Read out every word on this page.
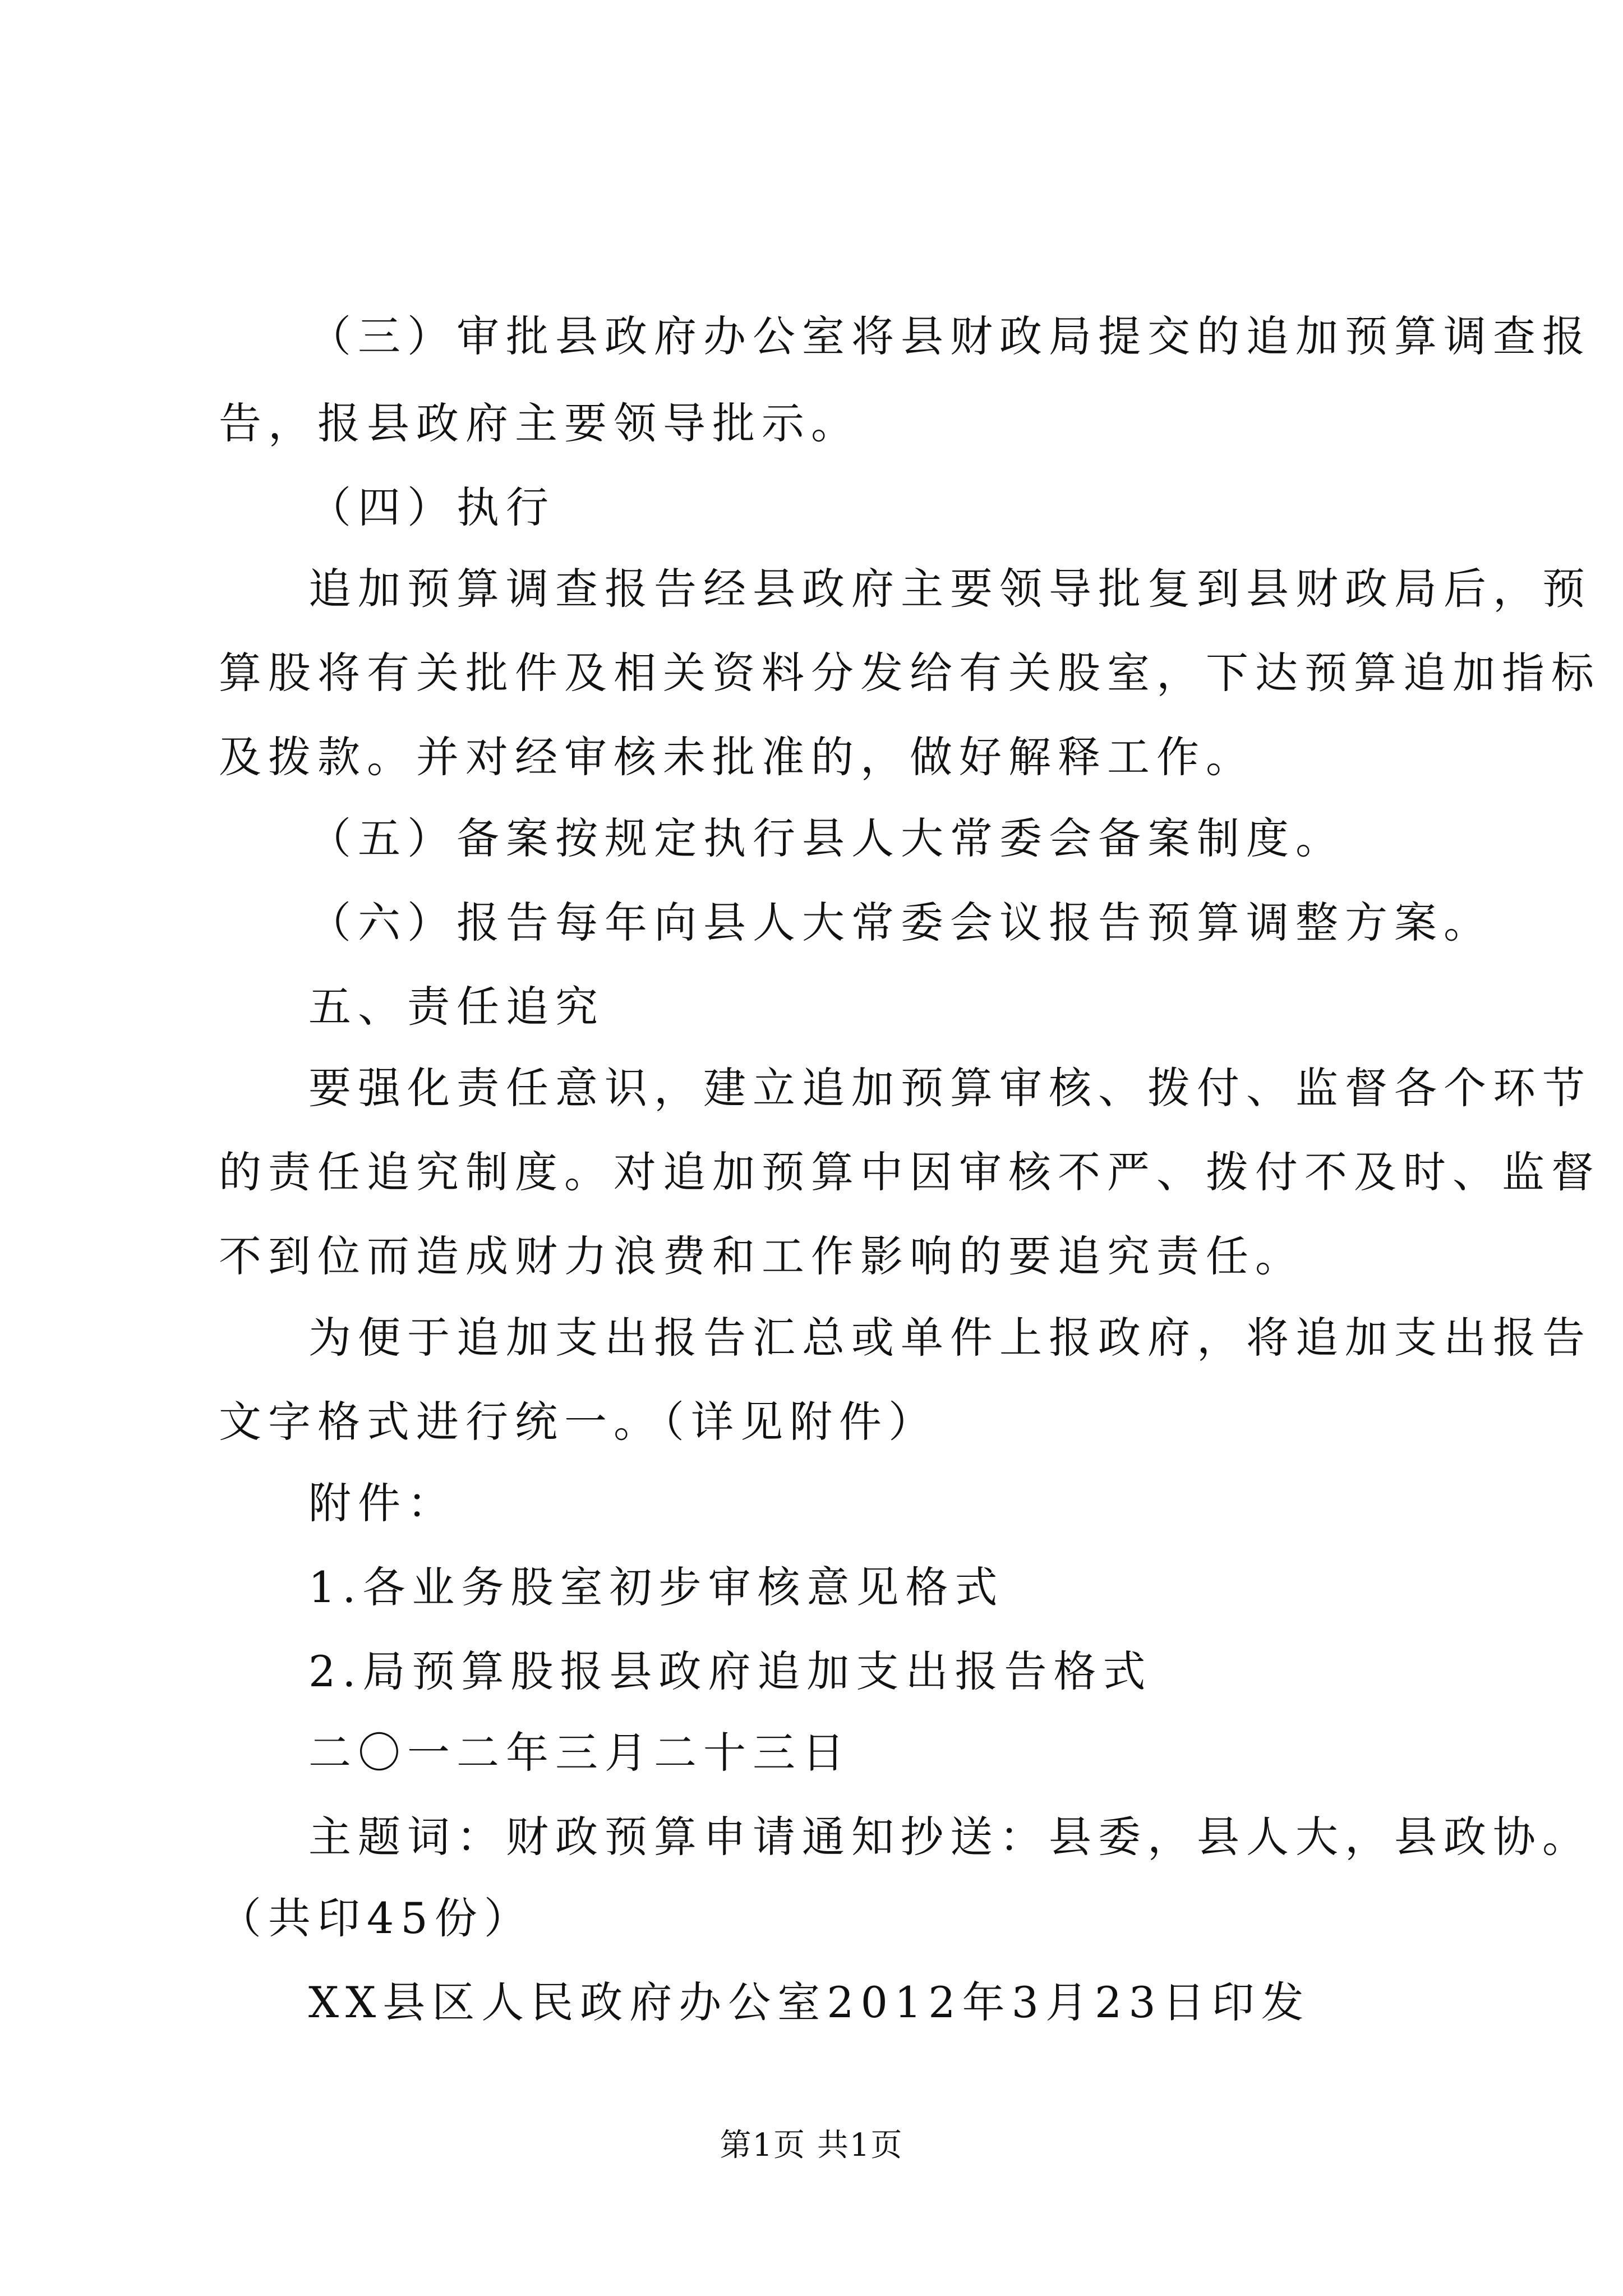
（三）审批县政府办公室将县财政局提交的追加预算调查报
告，报县政府主要领导批示。
（四）执行
追加预算调查报告经县政府主要领导批复到县财政局后，预
算股将有关批件及相关资料分发给有关股室，下达预算追加指标
及拨款。并对经审核未批准的，做好解释工作。
（五）备案按规定执行县人大常委会备案制度。
（六）报告每年向县人大常委会议报告预算调整方案。
五、责任追究
要强化责任意识，建立追加预算审核、拨付、监督各个环节
的责任追究制度。对追加预算中因审核不严、拨付不及时、监督
不到位而造成财力浪费和工作影响的要追究责任。
为便于追加支出报告汇总或单件上报政府，将追加支出报告
文字格式进行统一。（详见附件）
附件：
1.各业务股室初步审核意见格式
2.局预算股报县政府追加支出报告格式
二〇一二年三月二十三日
主题词：财政预算申请通知抄送：县委，县人大，县政协。
（共印45份）
XX县区人民政府办公室2012年3月23日印发
第1页 共1页
